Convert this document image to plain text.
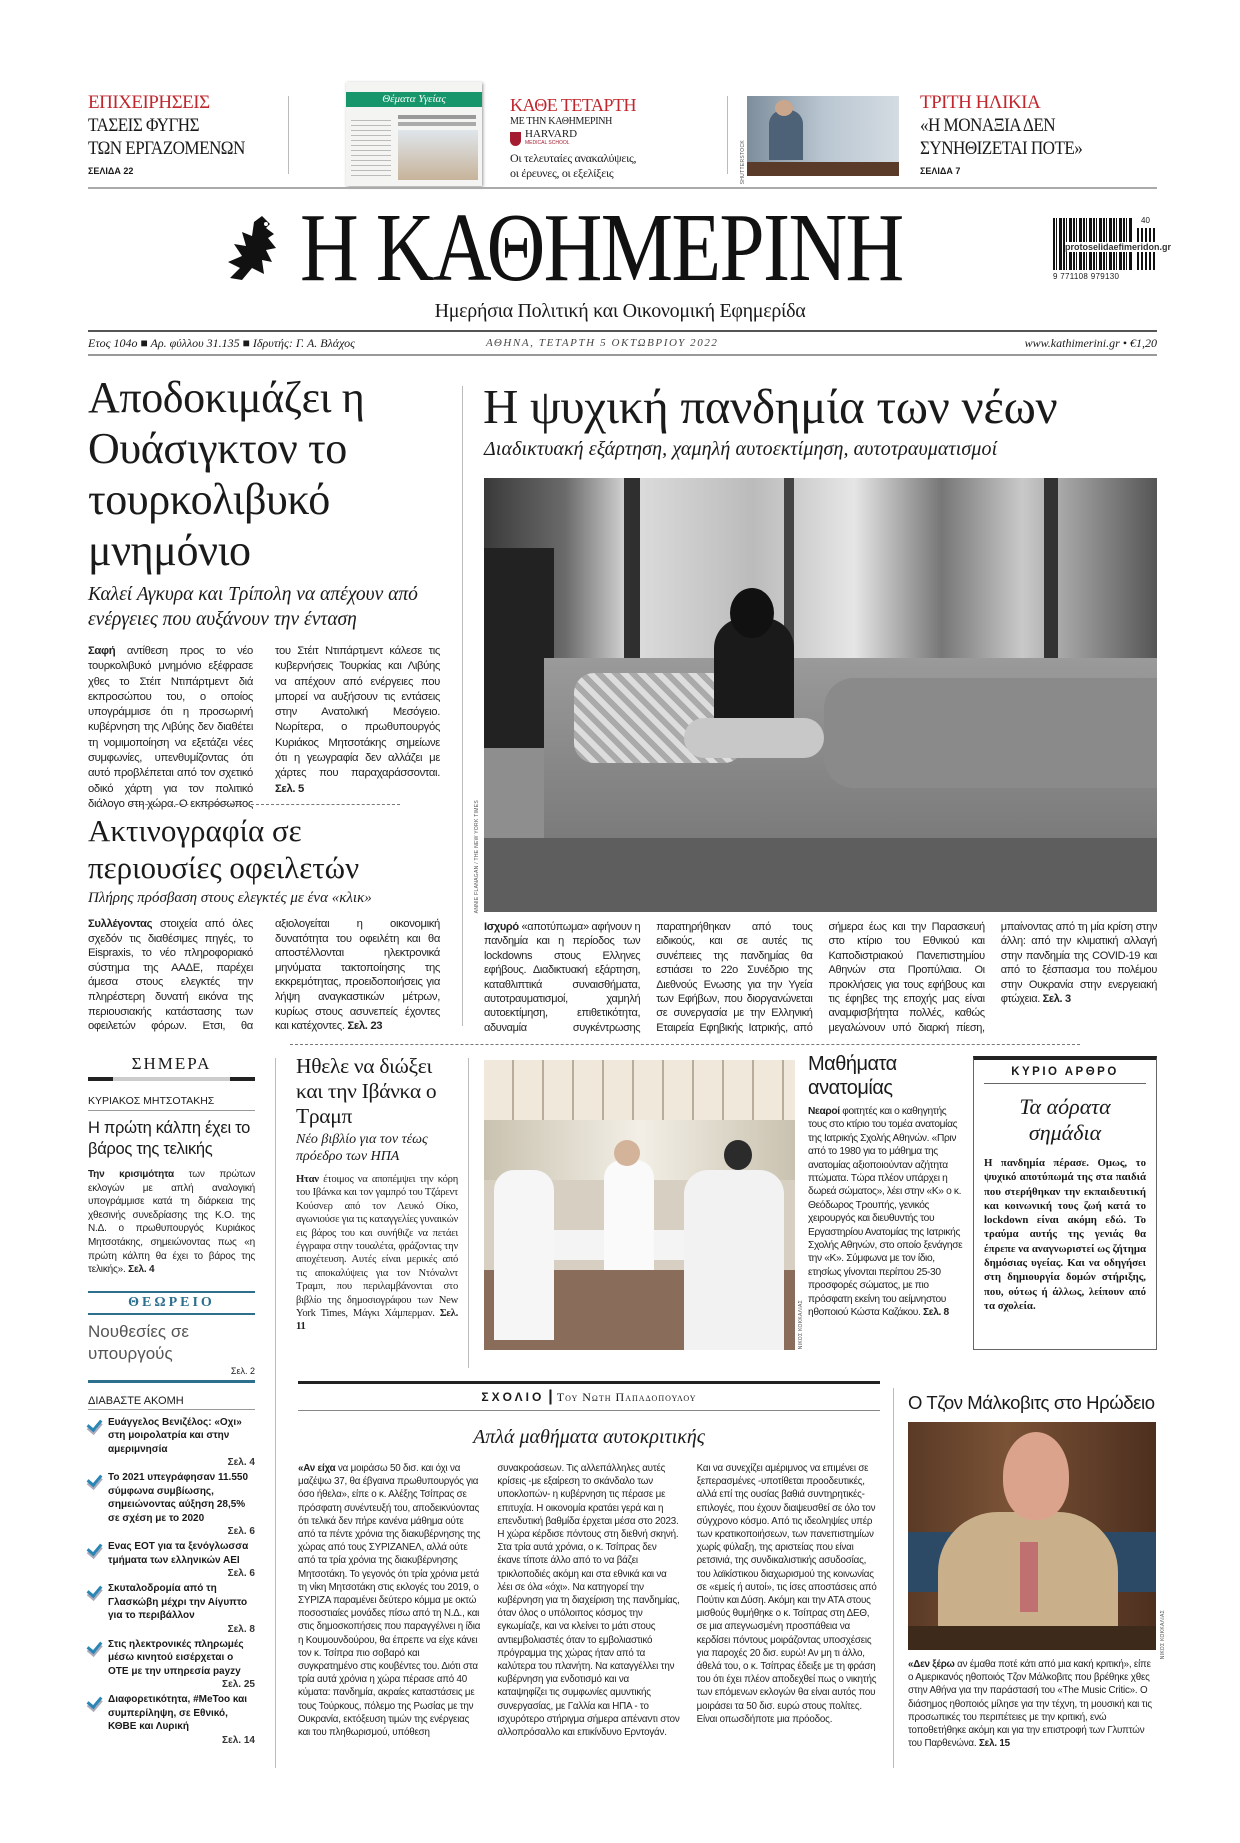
ΕΠΙΧΕΙΡΗΣΕΙΣ
ΤΑΣΕΙΣ ΦΥΓΗΣ
ΤΩΝ ΕΡΓΑΖΟΜΕΝΩΝ
ΣΕΛΙΔΑ 22
Θέματα Υγείας	ΚΑΘΕ ΤΕΤΑΡΤΗ
ΜΕ ΤΗΝ ΚΑΘΗΜΕΡΙΝΗ
HARVARD
MEDICAL SCHOOL
Οι τελευταίες ανακαλύψεις,
οι έρευνες, οι εξελίξεις	SHUTTERSTOCK
ΤΡΙΤΗ ΗΛΙΚΙΑ
«Η ΜΟΝΑΞΙΑ ΔΕΝ
ΣΥΝΗΘΙΖΕΤΑΙ ΠΟΤΕ»
ΣΕΛΙΔΑ 7
Η ΚΑΘΗΜΕΡΙΝΗ	40
9 771108 979130
protoselidaefimeridon.gr
Ημερήσια Πολιτική και Οικονομική Εφημερίδα
Ετος 104ο ■ Αρ. φύλλου 31.135 ■ Ιδρυτής: Γ. Α. Βλάχος	ΑΘΗΝΑ, ΤΕΤΑΡΤΗ 5 ΟΚΤΩΒΡΙΟΥ 2022	www.kathimerini.gr • €1,20
Αποδοκιμάζει η Ουάσιγκτον το τουρκολιβυκό μνημόνιο
Καλεί Αγκυρα και Τρίπολη να απέχουν από ενέργειες που αυξάνουν την ένταση
Σαφή αντίθεση προς το νέο τουρκολιβυκό μνημόνιο εξέφρασε χθες το Στέιτ Ντιπάρτμεντ διά εκπροσώπου του, ο οποίος υπογράμμισε ότι η προσωρινή κυβέρνηση της Λιβύης δεν διαθέτει τη νομιμοποίηση να εξετάζει νέες συμφωνίες, υπενθυμίζοντας ότι αυτό προβλέπεται από τον σχετικό οδικό χάρτη για τον πολιτικό διάλογο στη χώρα. Ο εκπρόσωπος του Στέιτ Ντιπάρτμεντ κάλεσε τις κυβερνήσεις Τουρκίας και Λιβύης να απέχουν από ενέργειες που μπορεί να αυξήσουν τις εντάσεις στην Ανατολική Μεσόγειο. Νωρίτερα, ο πρωθυπουργός Κυριάκος Μητσοτάκης σημείωνε ότι η γεωγραφία δεν αλλάζει με χάρτες που παραχαράσσονται. Σελ. 5
Ακτινογραφία σε περιουσίες οφειλετών
Πλήρης πρόσβαση στους ελεγκτές με ένα «κλικ»
Συλλέγοντας στοιχεία από όλες σχεδόν τις διαθέσιμες πηγές, το Eispraxis, το νέο πληροφοριακό σύστημα της ΑΑΔΕ, παρέχει άμεσα στους ελεγκτές την πληρέστερη δυνατή εικόνα της περιουσιακής κατάστασης των οφειλετών φόρων. Ετσι, θα αξιολογείται η οικονομική δυνατότητα του οφειλέτη και θα αποστέλλονται ηλεκτρονικά μηνύματα τακτοποίησης της εκκρεμότητας, προειδοποιήσεις για λήψη αναγκαστικών μέτρων, κυρίως στους ασυνεπείς έχοντες και κατέχοντες. Σελ. 23
Η ψυχική πανδημία των νέων
Διαδικτυακή εξάρτηση, χαμηλή αυτοεκτίμηση, αυτοτραυματισμοί
ANNIE FLANAGAN / THE NEW YORK TIMES
Ισχυρό «αποτύπωμα» αφήνουν η πανδημία και η περίοδος των lockdowns στους Ελληνες εφήβους. Διαδικτυακή εξάρτηση, καταθλιπτικά συναισθήματα, αυτοτραυματισμοί, χαμηλή αυτοεκτίμηση, επιθετικότητα, αδυναμία συγκέντρωσης παρατηρήθηκαν από τους ειδικούς, και σε αυτές τις συνέπειες της πανδημίας θα εστιάσει το 22ο Συνέδριο της Διεθνούς Ενωσης για την Υγεία των Εφήβων, που διοργανώνεται σε συνεργασία με την Ελληνική Εταιρεία Εφηβικής Ιατρικής, από σήμερα έως και την Παρασκευή στο κτίριο του Εθνικού και Καποδιστριακού Πανεπιστημίου Αθηνών στα Προπύλαια. Οι προκλήσεις για τους εφήβους και τις έφηβες της εποχής μας είναι αναμφισβήτητα πολλές, καθώς μεγαλώνουν υπό διαρκή πίεση, μπαίνοντας από τη μία κρίση στην άλλη: από την κλιματική αλλαγή στην πανδημία της COVID-19 και από το ξέσπασμα του πολέμου στην Ουκρανία στην ενεργειακή φτώχεια. Σελ. 3
ΣΗΜΕΡΑ
ΚΥΡΙΑΚΟΣ ΜΗΤΣΟΤΑΚΗΣ
Η πρώτη κάλπη έχει το βάρος της τελικής
Την κρισιμότητα των πρώτων εκλογών με απλή αναλογική υπογράμμισε κατά τη διάρκεια της χθεσινής συνεδρίασης της Κ.Ο. της Ν.Δ. ο πρωθυπουργός Κυριάκος Μητσοτάκης, σημειώνοντας πως «η πρώτη κάλπη θα έχει το βάρος της τελικής». Σελ. 4
ΘΕΩΡΕΙΟ
Νουθεσίες σε υπουργούς
Σελ. 2
ΔΙΑΒΑΣΤΕ ΑΚΟΜΗ
Ευάγγελος Βενιζέλος: «Οχι» στη μοιρολατρία και στην αμεριμνησία
Σελ. 4
Το 2021 υπεγράφησαν 11.550 σύμφωνα συμβίωσης, σημειώνοντας αύξηση 28,5% σε σχέση με το 2020
Σελ. 6
Ενας ΕΟΤ για τα ξενόγλωσσα τμήματα των ελληνικών ΑΕΙ
Σελ. 6
Σκυταλοδρομία από τη Γλασκώβη μέχρι την Αίγυπτο για το περιβάλλον
Σελ. 8
Στις ηλεκτρονικές πληρωμές μέσω κινητού εισέρχεται ο ΟΤΕ με την υπηρεσία payzy
Σελ. 25
Διαφορετικότητα, #MeToo και συμπερίληψη, σε Εθνικό, ΚΘΒΕ και Λυρική
Σελ. 14
Ηθελε να διώξει και την Ιβάνκα ο Τραμπ
Νέο βιβλίο για τον τέως πρόεδρο των ΗΠΑ
Ηταν έτοιμος να αποπέμψει την κόρη του Ιβάνκα και τον γαμπρό του Τζάρεντ Κούσνερ από τον Λευκό Οίκο, αγωνιούσε για τις καταγγελίες γυναικών εις βάρος του και συνήθιζε να πετάει έγγραφα στην τουαλέτα, φράζοντας την αποχέτευση. Αυτές είναι μερικές από τις αποκαλύψεις για τον Ντόναλντ Τραμπ, που περιλαμβάνονται στο βιβλίο της δημοσιογράφου των New York Times, Μάγκι Χάμπερμαν. Σελ. 11	ΝΙΚΟΣ ΚΟΚΚΑΛΙΑΣ
Μαθήματα ανατομίας
Νεαροί φοιτητές και ο καθηγητής τους στο κτίριο του τομέα ανατομίας της Ιατρικής Σχολής Αθηνών. «Πριν από το 1980 για το μάθημα της ανατομίας αξιοποιούνταν αζήτητα πτώματα. Τώρα πλέον υπάρχει η δωρεά σώματος», λέει στην «Κ» ο κ. Θεόδωρος Τρουπής, γενικός χειρουργός και διευθυντής του Εργαστηρίου Ανατομίας της Ιατρικής Σχολής Αθηνών, στο οποίο ξενάγησε την «Κ». Σύμφωνα με τον ίδιο, ετησίως γίνονται περίπου 25-30 προσφορές σώματος, με πιο πρόσφατη εκείνη του αείμνηστου ηθοποιού Κώστα Καζάκου. Σελ. 8
ΚΥΡΙΟ ΑΡΘΡΟ
Τα αόρατα σημάδια
Η πανδημία πέρασε. Ομως, το ψυχικό αποτύπωμά της στα παιδιά που στερήθηκαν την εκπαιδευτική και κοινωνική τους ζωή κατά το lockdown είναι ακόμη εδώ. Το τραύμα αυτής της γενιάς θα έπρεπε να αναγνωριστεί ως ζήτημα δημόσιας υγείας. Και να οδηγήσει στη δημιουργία δομών στήριξης, που, ούτως ή άλλως, λείπουν από τα σχολεία.
ΣΧΟΛΙΟ | Του Νωτη Παπαδοπουλου
Απλά μαθήματα αυτοκριτικής
«Αν είχα να μοιράσω 50 δισ. και όχι να μαζέψω 37, θα έβγαινα πρωθυπουργός για όσο ήθελα», είπε ο κ. Αλέξης Τσίπρας σε πρόσφατη συνέντευξή του, αποδεικνύοντας ότι τελικά δεν πήρε κανένα μάθημα ούτε από τα πέντε χρόνια της διακυβέρνησης της χώρας από τους ΣΥΡΙΖΑΝΕΛ, αλλά ούτε από τα τρία χρόνια της διακυβέρνησης Μητσοτάκη. Το γεγονός ότι τρία χρόνια μετά τη νίκη Μητσοτάκη στις εκλογές του 2019, ο ΣΥΡΙΖΑ παραμένει δεύτερο κόμμα με οκτώ ποσοστιαίες μονάδες πίσω από τη Ν.Δ., και στις δημοσκοπήσεις που παραγγέλνει η ίδια η Κουμουνδούρου, θα έπρεπε να είχε κάνει τον κ. Τσίπρα πιο σοβαρό και συγκρατημένο στις κουβέντες του. Διότι στα τρία αυτά χρόνια η χώρα πέρασε από 40 κύματα: πανδημία, ακραίες καταστάσεις με τους Τούρκους, πόλεμο της Ρωσίας με την Ουκρανία, εκτόξευση τιμών της ενέργειας και του πληθωρισμού, υπόθεση συνακροάσεων. Τις αλλεπάλληλες αυτές κρίσεις -με εξαίρεση το σκάνδαλο των υποκλοπών- η κυβέρνηση τις πέρασε με επιτυχία. Η οικονομία κρατάει γερά και η επενδυτική βαθμίδα έρχεται μέσα στο 2023. Η χώρα κέρδισε πόντους στη διεθνή σκηνή. Στα τρία αυτά χρόνια, ο κ. Τσίπρας δεν έκανε τίποτε άλλο από το να βάζει τρικλοποδιές ακόμη και στα εθνικά και να λέει σε όλα «όχι». Να κατηγορεί την κυβέρνηση για τη διαχείριση της πανδημίας, όταν όλος ο υπόλοιπος κόσμος την εγκωμίαζε, και να κλείνει το μάτι στους αντιεμβολιαστές όταν το εμβολιαστικό πρόγραμμα της χώρας ήταν από τα καλύτερα του πλανήτη. Να καταγγέλλει την κυβέρνηση για ενδοτισμό και να καταψηφίζει τις συμφωνίες αμυντικής συνεργασίας, με Γαλλία και ΗΠΑ - το ισχυρότερο στήριγμα σήμερα απέναντι στον αλλοπρόσαλλο και επικίνδυνο Ερντογάν. Και να συνεχίζει αμέριμνος να επιμένει σε ξεπερασμένες -υποτίθεται προοδευτικές, αλλά επί της ουσίας βαθιά συντηρητικές- επιλογές, που έχουν διαψευσθεί σε όλο τον σύγχρονο κόσμο. Από τις ιδεοληψίες υπέρ των κρατικοποιήσεων, των πανεπιστημίων χωρίς φύλαξη, της αριστείας που είναι ρετσινιά, της συνδικαλιστικής ασυδοσίας, του λαϊκίστικου διαχωρισμού της κοινωνίας σε «εμείς ή αυτοί», τις ίσες αποστάσεις από Πούτιν και Δύση. Ακόμη και την ΑΤΑ στους μισθούς θυμήθηκε ο κ. Τσίπρας στη ΔΕΘ, σε μια απεγνωσμένη προσπάθεια να κερδίσει πόντους μοιράζοντας υποσχέσεις για παροχές 20 δισ. ευρώ! Αν μη τι άλλο, άθελά του, ο κ. Τσίπρας έδειξε με τη φράση του ότι έχει πλέον αποδεχθεί πως ο νικητής των επόμενων εκλογών θα είναι αυτός που μοιράσει τα 50 δισ. ευρώ στους πολίτες. Είναι οπωσδήποτε μια πρόοδος.
Ο Τζον Μάλκοβιτς στο Ηρώδειο
ΝΙΚΟΣ ΚΟΚΚΑΛΙΑΣ
«Δεν ξέρω αν έμαθα ποτέ κάτι από μια κακή κριτική», είπε ο Αμερικανός ηθοποιός Τζον Μάλκοβιτς που βρέθηκε χθες στην Αθήνα για την παράστασή του «The Music Critic». Ο διάσημος ηθοποιός μίλησε για την τέχνη, τη μουσική και τις προσωπικές του περιπέτειες με την κριτική, ενώ τοποθετήθηκε ακόμη και για την επιστροφή των Γλυπτών του Παρθενώνα. Σελ. 15
